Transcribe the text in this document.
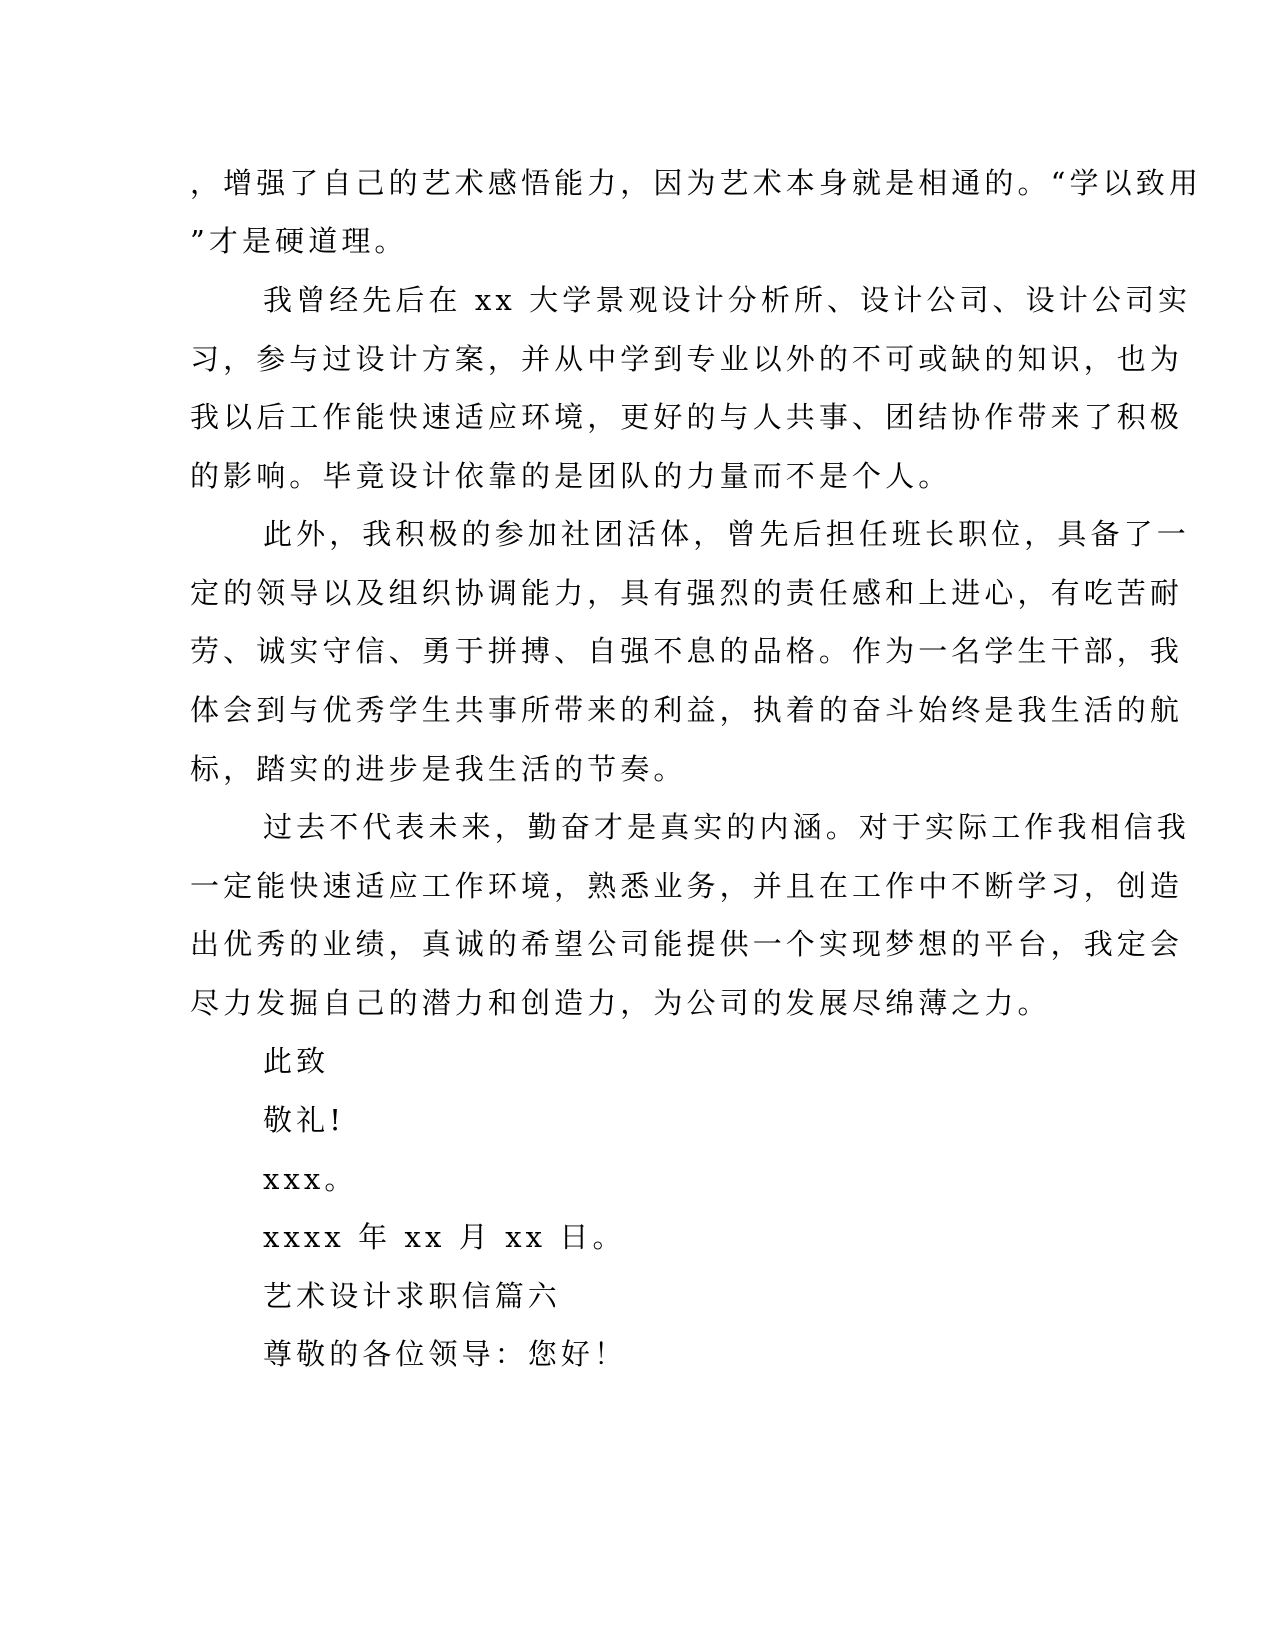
，增强了自己的艺术感悟能力，因为艺术本身就是相通的。“学以致用
”才是硬道理。
我曾经先后在 xx 大学景观设计分析所、设计公司、设计公司实
习，参与过设计方案，并从中学到专业以外的不可或缺的知识，也为
我以后工作能快速适应环境，更好的与人共事、团结协作带来了积极
的影响。毕竟设计依靠的是团队的力量而不是个人。
此外，我积极的参加社团活体，曾先后担任班长职位，具备了一
定的领导以及组织协调能力，具有强烈的责任感和上进心，有吃苦耐
劳、诚实守信、勇于拼搏、自强不息的品格。作为一名学生干部，我
体会到与优秀学生共事所带来的利益，执着的奋斗始终是我生活的航
标，踏实的进步是我生活的节奏。
过去不代表未来，勤奋才是真实的内涵。对于实际工作我相信我
一定能快速适应工作环境，熟悉业务，并且在工作中不断学习，创造
出优秀的业绩，真诚的希望公司能提供一个实现梦想的平台，我定会
尽力发掘自己的潜力和创造力，为公司的发展尽绵薄之力。
此致
敬礼!
xxx。
xxxx 年 xx 月 xx 日。
艺术设计求职信篇六
尊敬的各位领导：您好！
